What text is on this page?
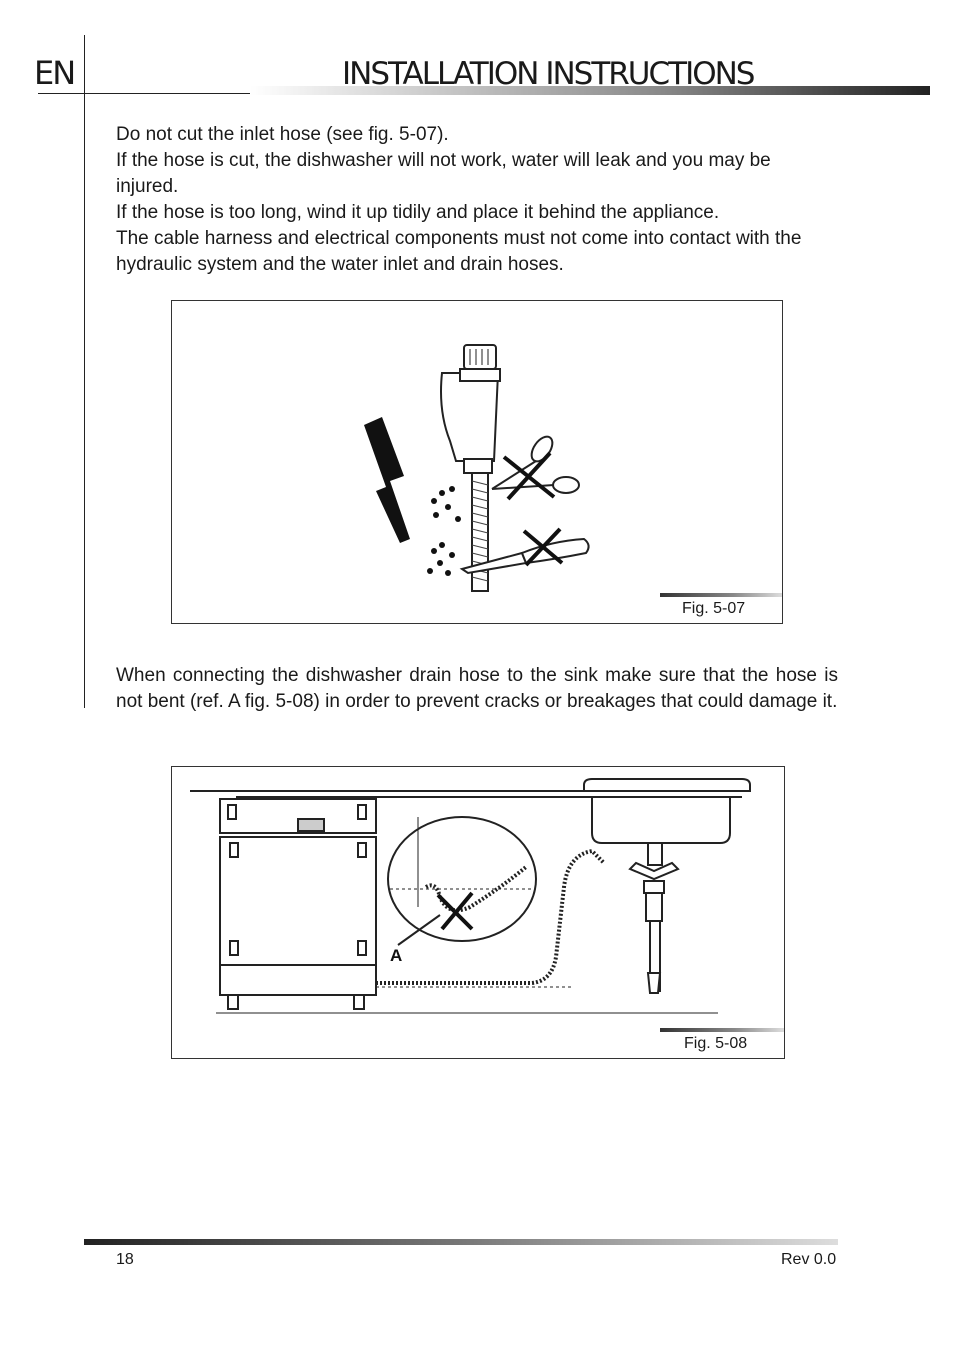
EN	INSTALLATION INSTRUCTIONS

Do not cut the inlet hose (see fig. 5-07).

If the hose is cut, the dishwasher will not work, water will leak and you may be injured.

If the hose is too long, wind it up tidily and place it behind the appliance.

The cable harness and electrical components must not come into contact with the hydraulic system and the water inlet and drain hoses.

Fig. 5-07
When connecting the dishwasher drain hose to the sink make sure that the hose is not bent (ref. A fig. 5-08) in order to prevent cracks or breakages that could damage it.
A
Fig. 5-08
18	Rev 0.0
